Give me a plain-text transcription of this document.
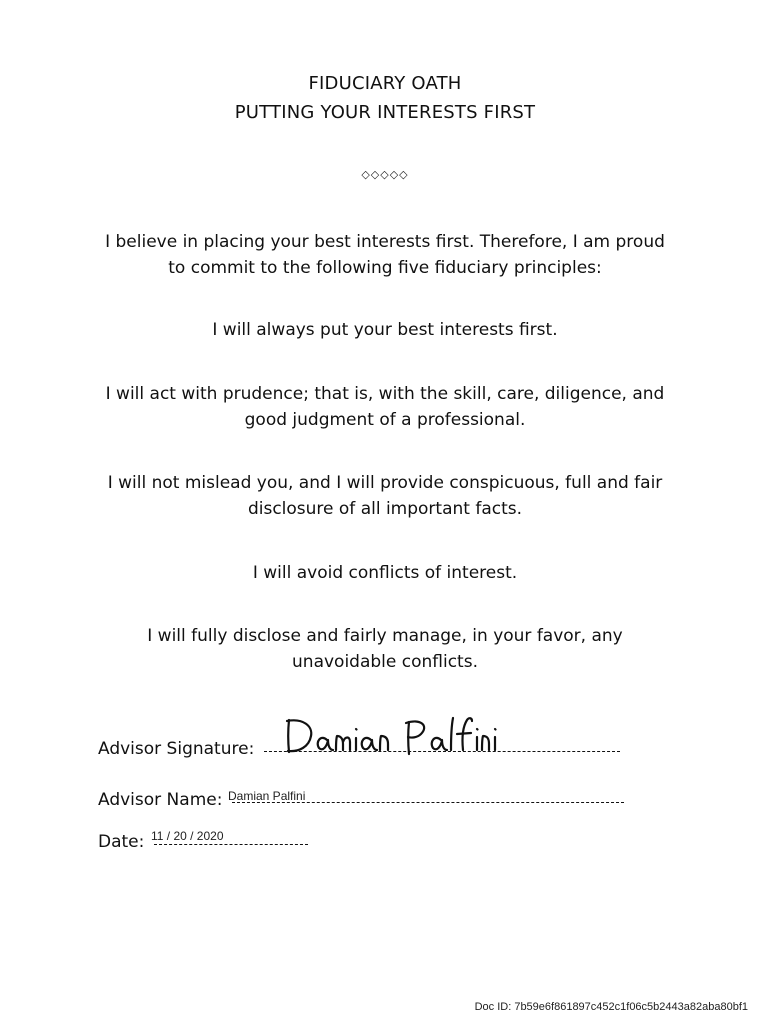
FIDUCIARY OATH
PUTTING YOUR INTERESTS FIRST
◇◇◇◇◇
I believe in placing your best interests first. Therefore, I am proud to commit to the following five fiduciary principles:
I will always put your best interests first.
I will act with prudence; that is, with the skill, care, diligence, and good judgment of a professional.
I will not mislead you, and I will provide conspicuous, full and fair disclosure of all important facts.
I will avoid conflicts of interest.
I will fully disclose and fairly manage, in your favor, any unavoidable conflicts.
Advisor Signature:
Advisor Name: Damian Palfini
Date: 11 / 20 / 2020
Doc ID: 7b59e6f861897c452c1f06c5b2443a82aba80bf1
